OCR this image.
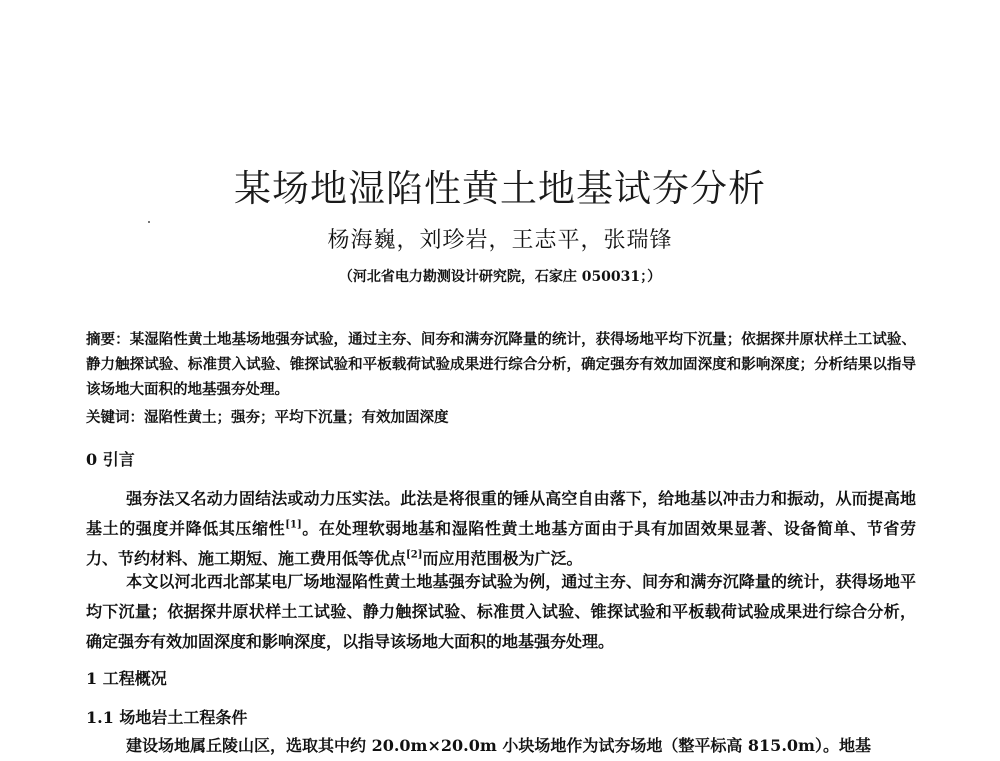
某场地湿陷性黄土地基试夯分析
杨海巍，刘珍岩，王志平，张瑞锋
（河北省电力勘测设计研究院，石家庄 050031；）
摘要：某湿陷性黄土地基场地强夯试验，通过主夯、间夯和满夯沉降量的统计，获得场地平均下沉量；依据探井原状样土工试验、静力触探试验、标准贯入试验、锥探试验和平板载荷试验成果进行综合分析，确定强夯有效加固深度和影响深度；分析结果以指导该场地大面积的地基强夯处理。
关键词：湿陷性黄土；强夯；平均下沉量；有效加固深度
0 引言
强夯法又名动力固结法或动力压实法。此法是将很重的锤从高空自由落下，给地基以冲击力和振动，从而提高地基土的强度并降低其压缩性[1]。在处理软弱地基和湿陷性黄土地基方面由于具有加固效果显著、设备简单、节省劳力、节约材料、施工期短、施工费用低等优点[2]而应用范围极为广泛。
本文以河北西北部某电厂场地湿陷性黄土地基强夯试验为例，通过主夯、间夯和满夯沉降量的统计，获得场地平均下沉量；依据探井原状样土工试验、静力触探试验、标准贯入试验、锥探试验和平板载荷试验成果进行综合分析，确定强夯有效加固深度和影响深度，以指导该场地大面积的地基强夯处理。
1 工程概况
1.1 场地岩土工程条件
建设场地属丘陵山区，选取其中约 20.0m×20.0m 小块场地作为试夯场地（整平标高 815.0m）。地基
